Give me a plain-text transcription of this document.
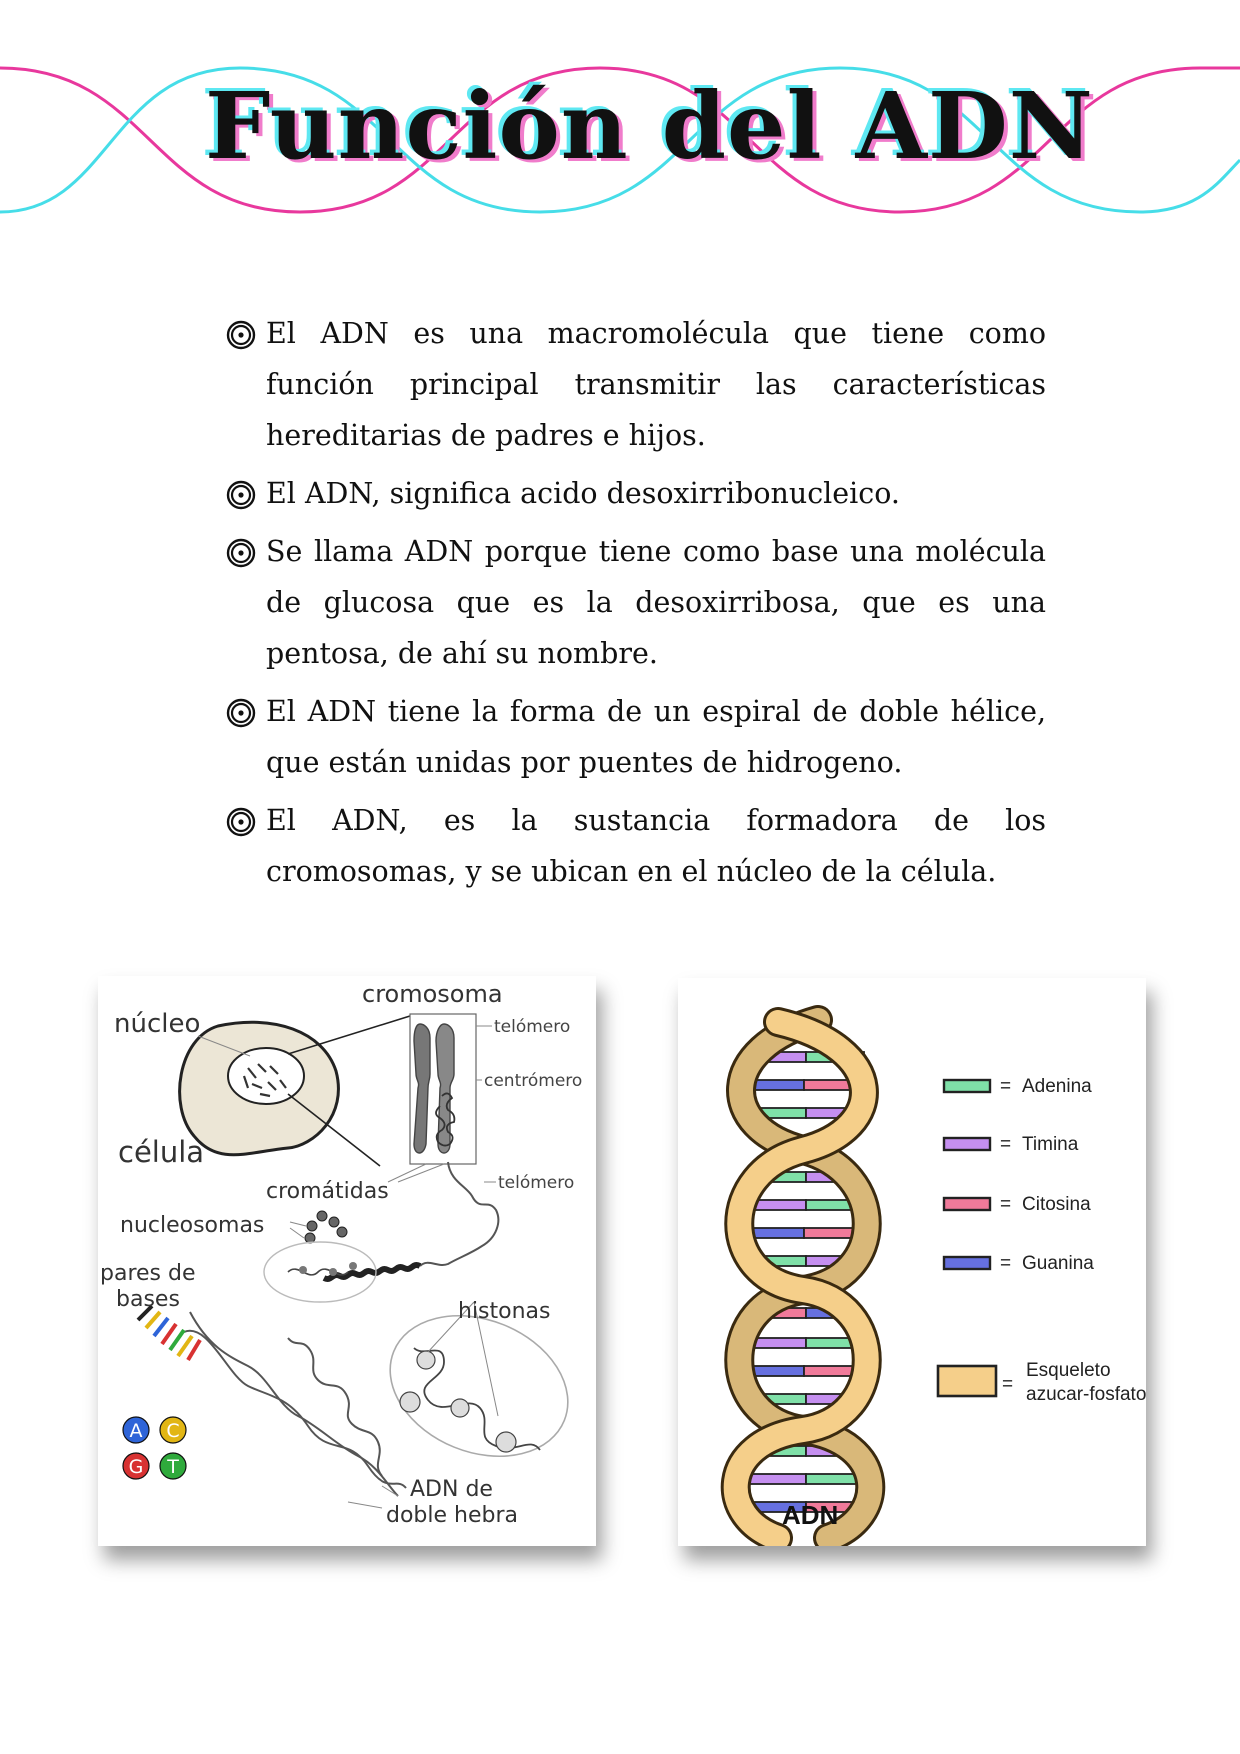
Función del ADN
El ADN es una macromolécula que tiene como función principal transmitir las características hereditarias de padres e hijos.
El ADN, significa acido desoxirribonucleico.
Se llama ADN porque tiene como base una molécula de glucosa que es la desoxirribosa, que es una pentosa, de ahí su nombre.
El ADN tiene la forma de un espiral de doble hélice, que están unidas por puentes de hidrogeno.
El ADN, es la sustancia formadora de los cromosomas, y se ubican en el núcleo de la célula.
A C
G T
cromosoma
núcleo	telómero
centrómero
célula
cromátidas	telómero
nucleosomas
pares de
bases	histonas
ADN de
doble hebra
= Adenina
= Timina
= Citosina
= Guanina
=
Esqueleto
azucar-fosfato
ADN
